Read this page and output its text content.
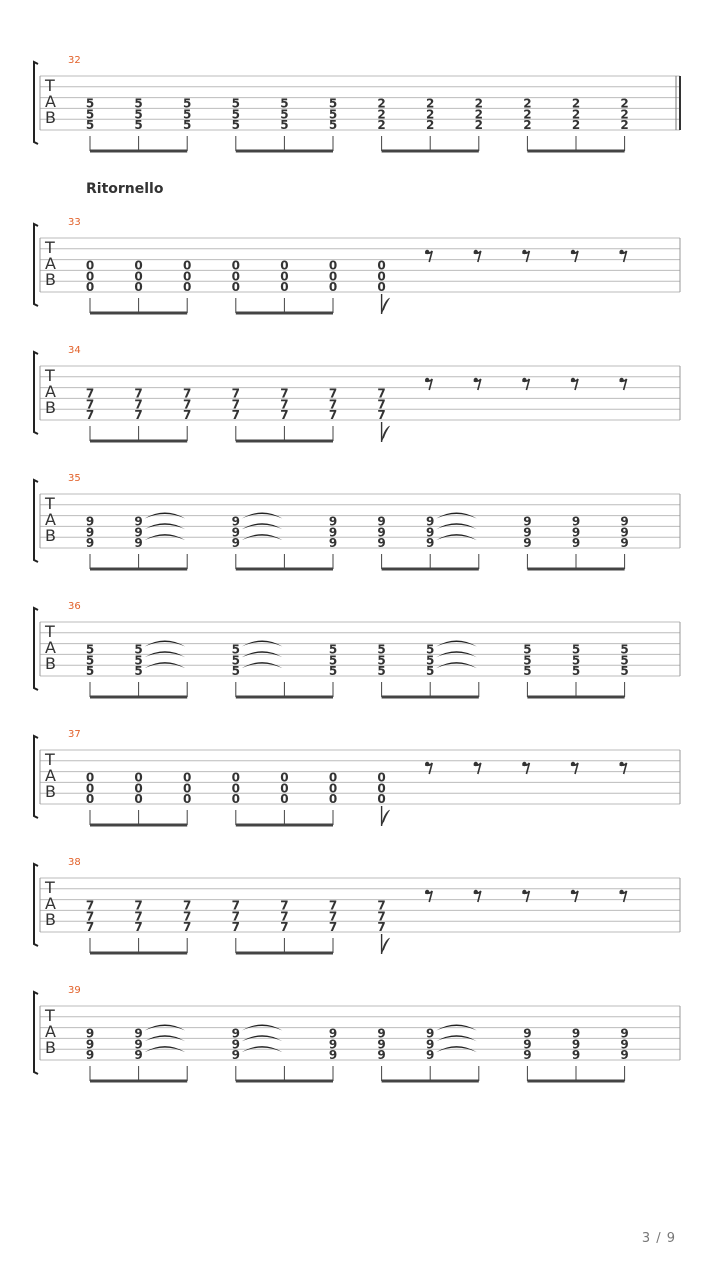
32
T
A
B
5
5
5
5
5
5
5
5
5
5
5
5
5
5
5
5
5
5
2
2
2
2
2
2
2
2
2
2
2
2
2
2
2
2
2
2
33
T
A
B
0
0
0
0
0
0
0
0
0
0
0
0
0
0
0
0
0
0
0
0
0
34
T
A
B
7
7
7
7
7
7
7
7
7
7
7
7
7
7
7
7
7
7
7
7
7
35
T
A
B
9
9
9
9
9
9
9
9
9
9
9
9
9
9
9
9
9
9
9
9
9
9
9
9
9
9
9
36
T
A
B
5
5
5
5
5
5
5
5
5
5
5
5
5
5
5
5
5
5
5
5
5
5
5
5
5
5
5
37
T
A
B
0
0
0
0
0
0
0
0
0
0
0
0
0
0
0
0
0
0
0
0
0
38
T
A
B
7
7
7
7
7
7
7
7
7
7
7
7
7
7
7
7
7
7
7
7
7
39
T
A
B
9
9
9
9
9
9
9
9
9
9
9
9
9
9
9
9
9
9
9
9
9
9
9
9
9
9
9
Ritornello
3 / 9
